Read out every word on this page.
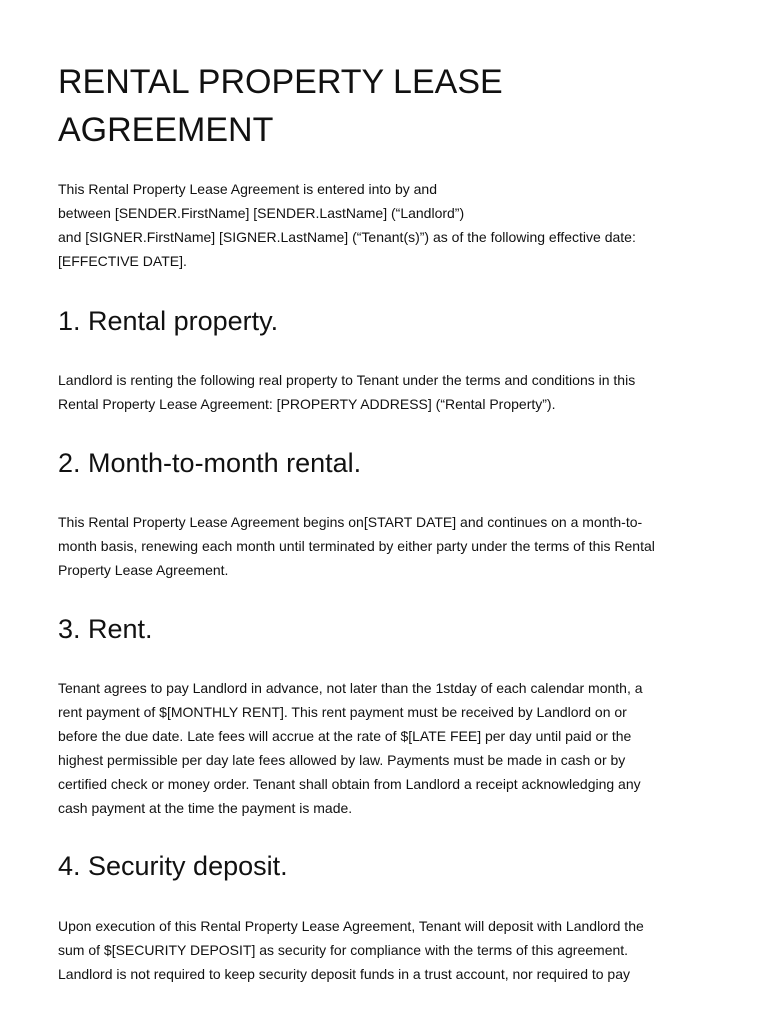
RENTAL PROPERTY LEASE
AGREEMENT

This Rental Property Lease Agreement is entered into by and
between [SENDER.FirstName] [SENDER.LastName] (“Landlord”)
and [SIGNER.FirstName] [SIGNER.LastName] (“Tenant(s)”) as of the following effective date:
[EFFECTIVE DATE].

1. Rental property.

Landlord is renting the following real property to Tenant under the terms and conditions in this
Rental Property Lease Agreement: [PROPERTY ADDRESS] (“Rental Property”).

2. Month-to-month rental.

This Rental Property Lease Agreement begins on[START DATE] and continues on a month-to-
month basis, renewing each month until terminated by either party under the terms of this Rental
Property Lease Agreement.

3. Rent.

Tenant agrees to pay Landlord in advance, not later than the 1stday of each calendar month, a
rent payment of $[MONTHLY RENT]. This rent payment must be received by Landlord on or
before the due date. Late fees will accrue at the rate of $[LATE FEE] per day until paid or the
highest permissible per day late fees allowed by law. Payments must be made in cash or by
certified check or money order. Tenant shall obtain from Landlord a receipt acknowledging any
cash payment at the time the payment is made.

4. Security deposit.

Upon execution of this Rental Property Lease Agreement, Tenant will deposit with Landlord the
sum of $[SECURITY DEPOSIT] as security for compliance with the terms of this agreement.
Landlord is not required to keep security deposit funds in a trust account, nor required to pay
